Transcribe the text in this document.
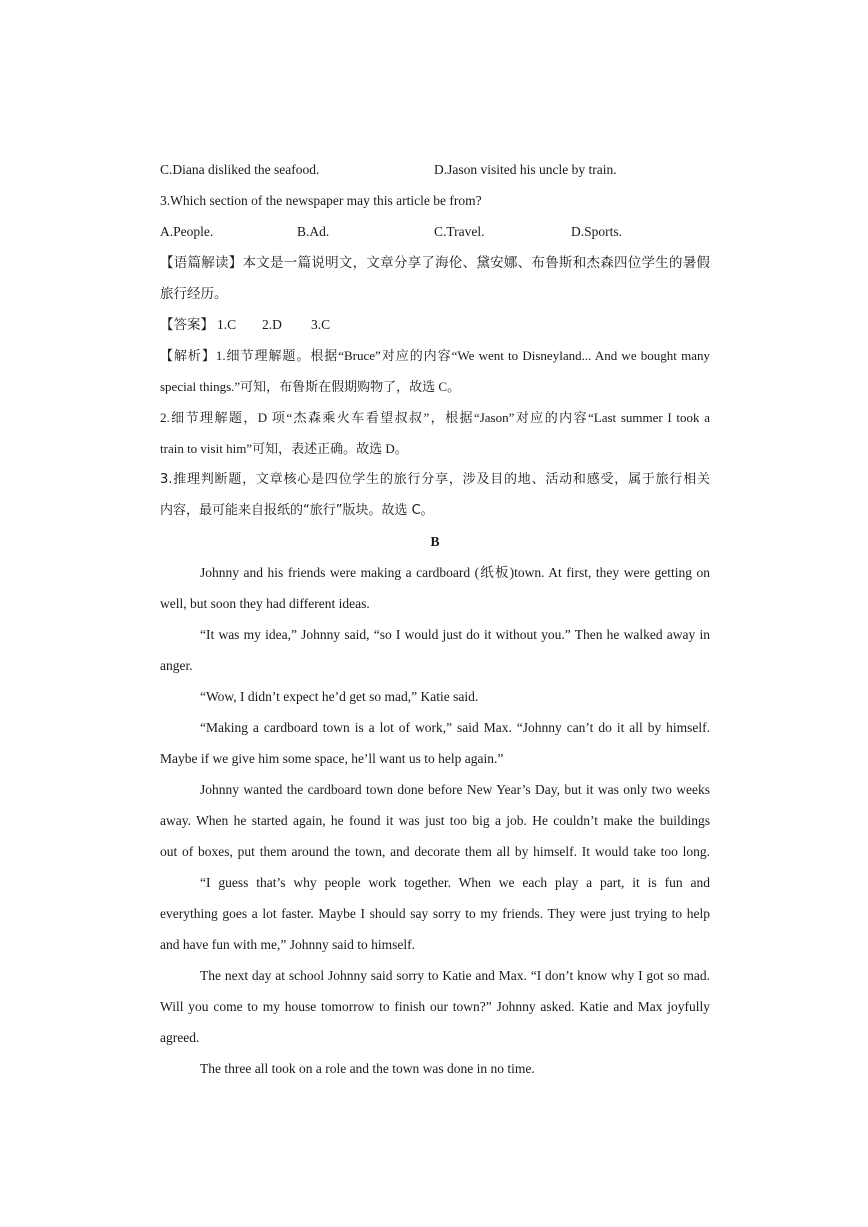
C.Diana disliked the seafood.	D.Jason visited his uncle by train.
3.Which section of the newspaper may this article be from?
A.People.	B.Ad.	C.Travel.	D.Sports.
【语篇解读】本文是一篇说明文，文章分享了海伦、黛安娜、布鲁斯和杰森四位学生的暑假
旅行经历。
【答案】 1.C 2.D 3.C
【解析】1.细节理解题。根据“Bruce”对应的内容“We went to Disneyland... And we bought many
special things.”可知，布鲁斯在假期购物了，故选 C。
2.细节理解题，D 项“杰森乘火车看望叔叔”，根据“Jason”对应的内容“Last summer I took a
train to visit him”可知，表述正确。故选 D。
3.推理判断题，文章核心是四位学生的旅行分享，涉及目的地、活动和感受，属于旅行相关
内容，最可能来自报纸的“旅行”版块。故选 C。
B
Johnny and his friends were making a cardboard (纸板)town. At first, they were getting on
well, but soon they had different ideas.
“It was my idea,” Johnny said, “so I would just do it without you.” Then he walked away in
anger.
“Wow, I didn’t expect he’d get so mad,” Katie said.
“Making a cardboard town is a lot of work,” said Max. “Johnny can’t do it all by himself.
Maybe if we give him some space, he’ll want us to help again.”
Johnny wanted the cardboard town done before New Year’s Day, but it was only two weeks
away. When he started again, he found it was just too big a job. He couldn’t make the buildings
out of boxes, put them around the town, and decorate them all by himself. It would take too long.
“I guess that’s why people work together. When we each play a part, it is fun and
everything goes a lot faster. Maybe I should say sorry to my friends. They were just trying to help
and have fun with me,” Johnny said to himself.
The next day at school Johnny said sorry to Katie and Max. “I don’t know why I got so mad.
Will you come to my house tomorrow to finish our town?” Johnny asked. Katie and Max joyfully
agreed.
The three all took on a role and the town was done in no time.
